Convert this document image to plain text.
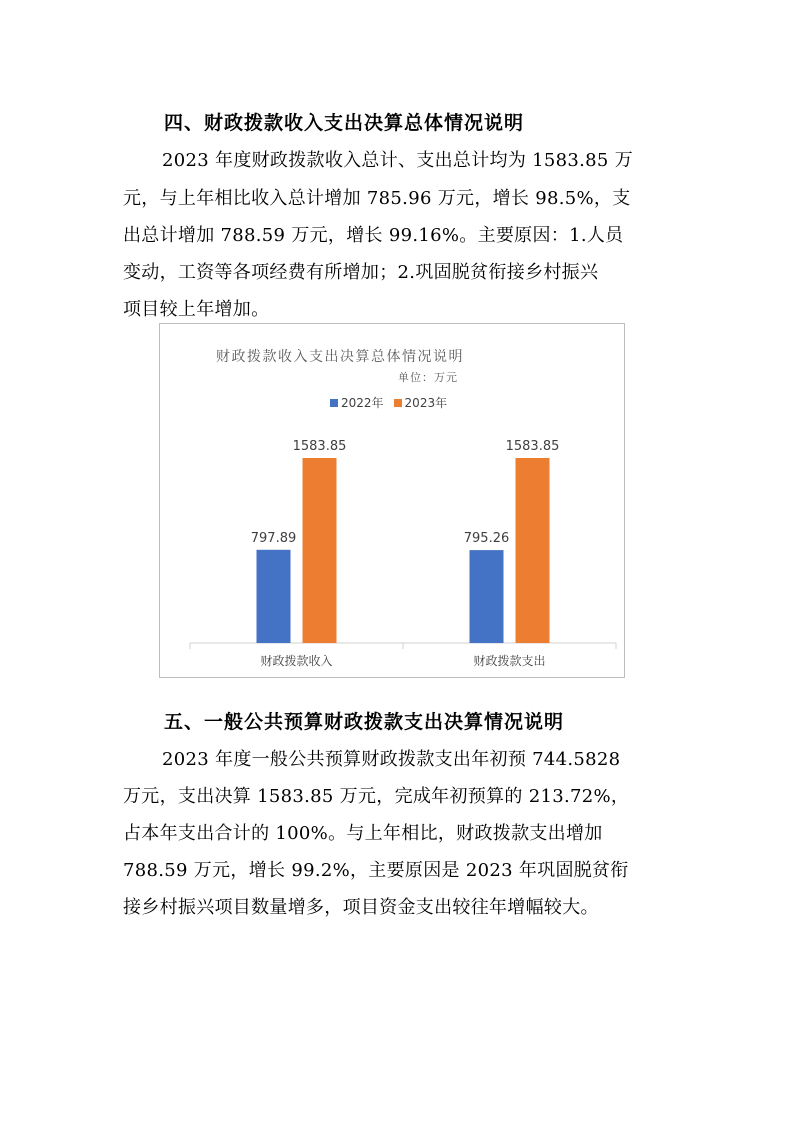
四、财政拨款收入支出决算总体情况说明
2023 年度财政拨款收入总计、支出总计均为 1583.85 万
元，与上年相比收入总计增加 785.96 万元，增长 98.5%，支
出总计增加 788.59 万元，增长 99.16%。主要原因：1.人员
变动，工资等各项经费有所增加；2.巩固脱贫衔接乡村振兴
项目较上年增加。
财政拨款收入支出决算总体情况说明
单位：万元
2022年 2023年
797.89
1583.85
财政拨款收入
795.26
1583.85
财政拨款支出
五、一般公共预算财政拨款支出决算情况说明
2023 年度一般公共预算财政拨款支出年初预 744.5828
万元，支出决算 1583.85 万元，完成年初预算的 213.72%，
占本年支出合计的 100%。与上年相比，财政拨款支出增加
788.59 万元，增长 99.2%，主要原因是 2023 年巩固脱贫衔
接乡村振兴项目数量增多，项目资金支出较往年增幅较大。
